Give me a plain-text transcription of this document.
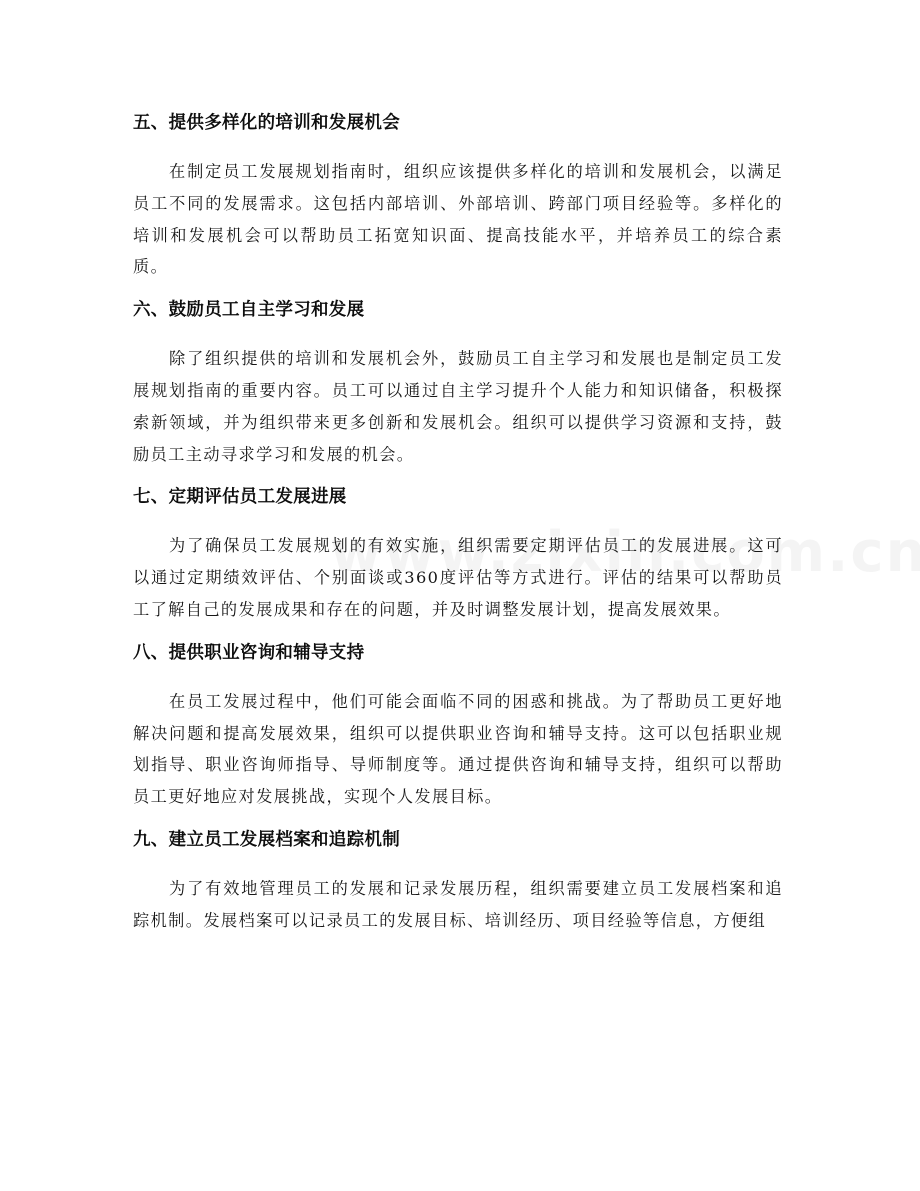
五、提供多样化的培训和发展机会

在制定员工发展规划指南时，组织应该提供多样化的培训和发展机会，以满足员工不同的发展需求。这包括内部培训、外部培训、跨部门项目经验等。多样化的培训和发展机会可以帮助员工拓宽知识面、提高技能水平，并培养员工的综合素质。

六、鼓励员工自主学习和发展

除了组织提供的培训和发展机会外，鼓励员工自主学习和发展也是制定员工发展规划指南的重要内容。员工可以通过自主学习提升个人能力和知识储备，积极探索新领域，并为组织带来更多创新和发展机会。组织可以提供学习资源和支持，鼓励员工主动寻求学习和发展的机会。

七、定期评估员工发展进展

为了确保员工发展规划的有效实施，组织需要定期评估员工的发展进展。这可以通过定期绩效评估、个别面谈或360度评估等方式进行。评估的结果可以帮助员工了解自己的发展成果和存在的问题，并及时调整发展计划，提高发展效果。

八、提供职业咨询和辅导支持

在员工发展过程中，他们可能会面临不同的困惑和挑战。为了帮助员工更好地解决问题和提高发展效果，组织可以提供职业咨询和辅导支持。这可以包括职业规划指导、职业咨询师指导、导师制度等。通过提供咨询和辅导支持，组织可以帮助员工更好地应对发展挑战，实现个人发展目标。

九、建立员工发展档案和追踪机制

为了有效地管理员工的发展和记录发展历程，组织需要建立员工发展档案和追踪机制。发展档案可以记录员工的发展目标、培训经历、项目经验等信息，方便组
